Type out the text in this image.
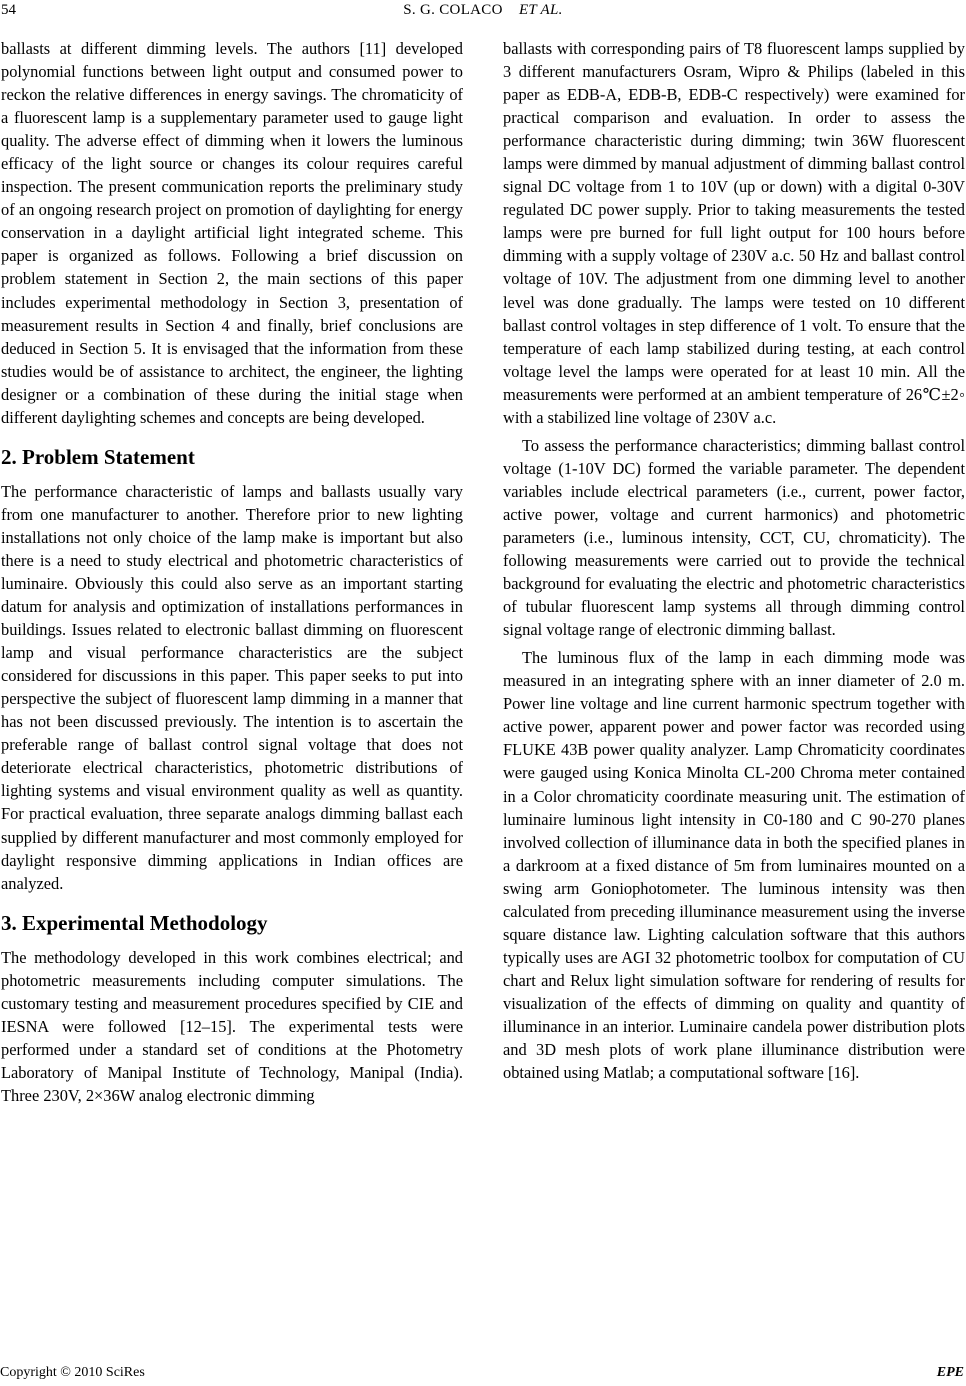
54	S. G. COLACO ET AL.

ballasts at different dimming levels. The authors [11] developed polynomial functions between light output and consumed power to reckon the relative differences in energy savings. The chromaticity of a fluorescent lamp is a supplementary parameter used to gauge light quality. The adverse effect of dimming when it lowers the luminous efficacy of the light source or changes its colour requires careful inspection. The present communication reports the preliminary study of an ongoing research project on promotion of daylighting for energy conservation in a daylight artificial light integrated scheme. This paper is organized as follows. Following a brief discussion on problem statement in Section 2, the main sections of this paper includes experimental methodology in Section 3, presentation of measurement results in Section 4 and finally, brief conclusions are deduced in Section 5. It is envisaged that the information from these studies would be of assistance to architect, the engineer, the lighting designer or a combination of these during the initial stage when different daylighting schemes and concepts are being developed.

2. Problem Statement

The performance characteristic of lamps and ballasts usually vary from one manufacturer to another. Therefore prior to new lighting installations not only choice of the lamp make is important but also there is a need to study electrical and photometric characteristics of luminaire. Obviously this could also serve as an important starting datum for analysis and optimization of installations performances in buildings. Issues related to electronic ballast dimming on fluorescent lamp and visual performance characteristics are the subject considered for discussions in this paper. This paper seeks to put into perspective the subject of fluorescent lamp dimming in a manner that has not been discussed previously. The intention is to ascertain the preferable range of ballast control signal voltage that does not deteriorate electrical characteristics, photometric distributions of lighting systems and visual environment quality as well as quantity. For practical evaluation, three separate analogs dimming ballast each supplied by different manufacturer and most commonly employed for daylight responsive dimming applications in Indian offices are analyzed.

3. Experimental Methodology

The methodology developed in this work combines electrical; and photometric measurements including computer simulations. The customary testing and measurement procedures specified by CIE and IESNA were followed [12–15]. The experimental tests were performed under a standard set of conditions at the Photometry Laboratory of Manipal Institute of Technology, Manipal (India). Three 230V, 2×36W analog electronic dimming

ballasts with corresponding pairs of T8 fluorescent lamps supplied by 3 different manufacturers Osram, Wipro & Philips (labeled in this paper as EDB-A, EDB-B, EDB-C respectively) were examined for practical comparison and evaluation. In order to assess the performance characteristic during dimming; twin 36W fluorescent lamps were dimmed by manual adjustment of dimming ballast control signal DC voltage from 1 to 10V (up or down) with a digital 0-30V regulated DC power supply. Prior to taking measurements the tested lamps were pre burned for full light output for 100 hours before dimming with a supply voltage of 230V a.c. 50 Hz and ballast control voltage of 10V. The adjustment from one dimming level to another level was done gradually. The lamps were tested on 10 different ballast control voltages in step difference of 1 volt. To ensure that the temperature of each lamp stabilized during testing, at each control voltage level the lamps were operated for at least 10 min. All the measurements were performed at an ambient temperature of 26℃±2◦ with a stabilized line voltage of 230V a.c.

To assess the performance characteristics; dimming ballast control voltage (1-10V DC) formed the variable parameter. The dependent variables include electrical parameters (i.e., current, power factor, active power, voltage and current harmonics) and photometric parameters (i.e., luminous intensity, CCT, CU, chromaticity). The following measurements were carried out to provide the technical background for evaluating the electric and photometric characteristics of tubular fluorescent lamp systems all through dimming control signal voltage range of electronic dimming ballast.

The luminous flux of the lamp in each dimming mode was measured in an integrating sphere with an inner diameter of 2.0 m. Power line voltage and line current harmonic spectrum together with active power, apparent power and power factor was recorded using FLUKE 43B power quality analyzer. Lamp Chromaticity coordinates were gauged using Konica Minolta CL-200 Chroma meter contained in a Color chromaticity coordinate measuring unit. The estimation of luminaire luminous light intensity in C0-180 and C 90-270 planes involved collection of illuminance data in both the specified planes in a darkroom at a fixed distance of 5m from luminaires mounted on a swing arm Goniophotometer. The luminous intensity was then calculated from preceding illuminance measurement using the inverse square distance law. Lighting calculation software that this authors typically uses are AGI 32 photometric toolbox for computation of CU chart and Relux light simulation software for rendering of results for visualization of the effects of dimming on quality and quantity of illuminance in an interior. Luminaire candela power distribution plots and 3D mesh plots of work plane illuminance distribution were obtained using Matlab; a computational software [16].

Copyright © 2010 SciRes	EPE
